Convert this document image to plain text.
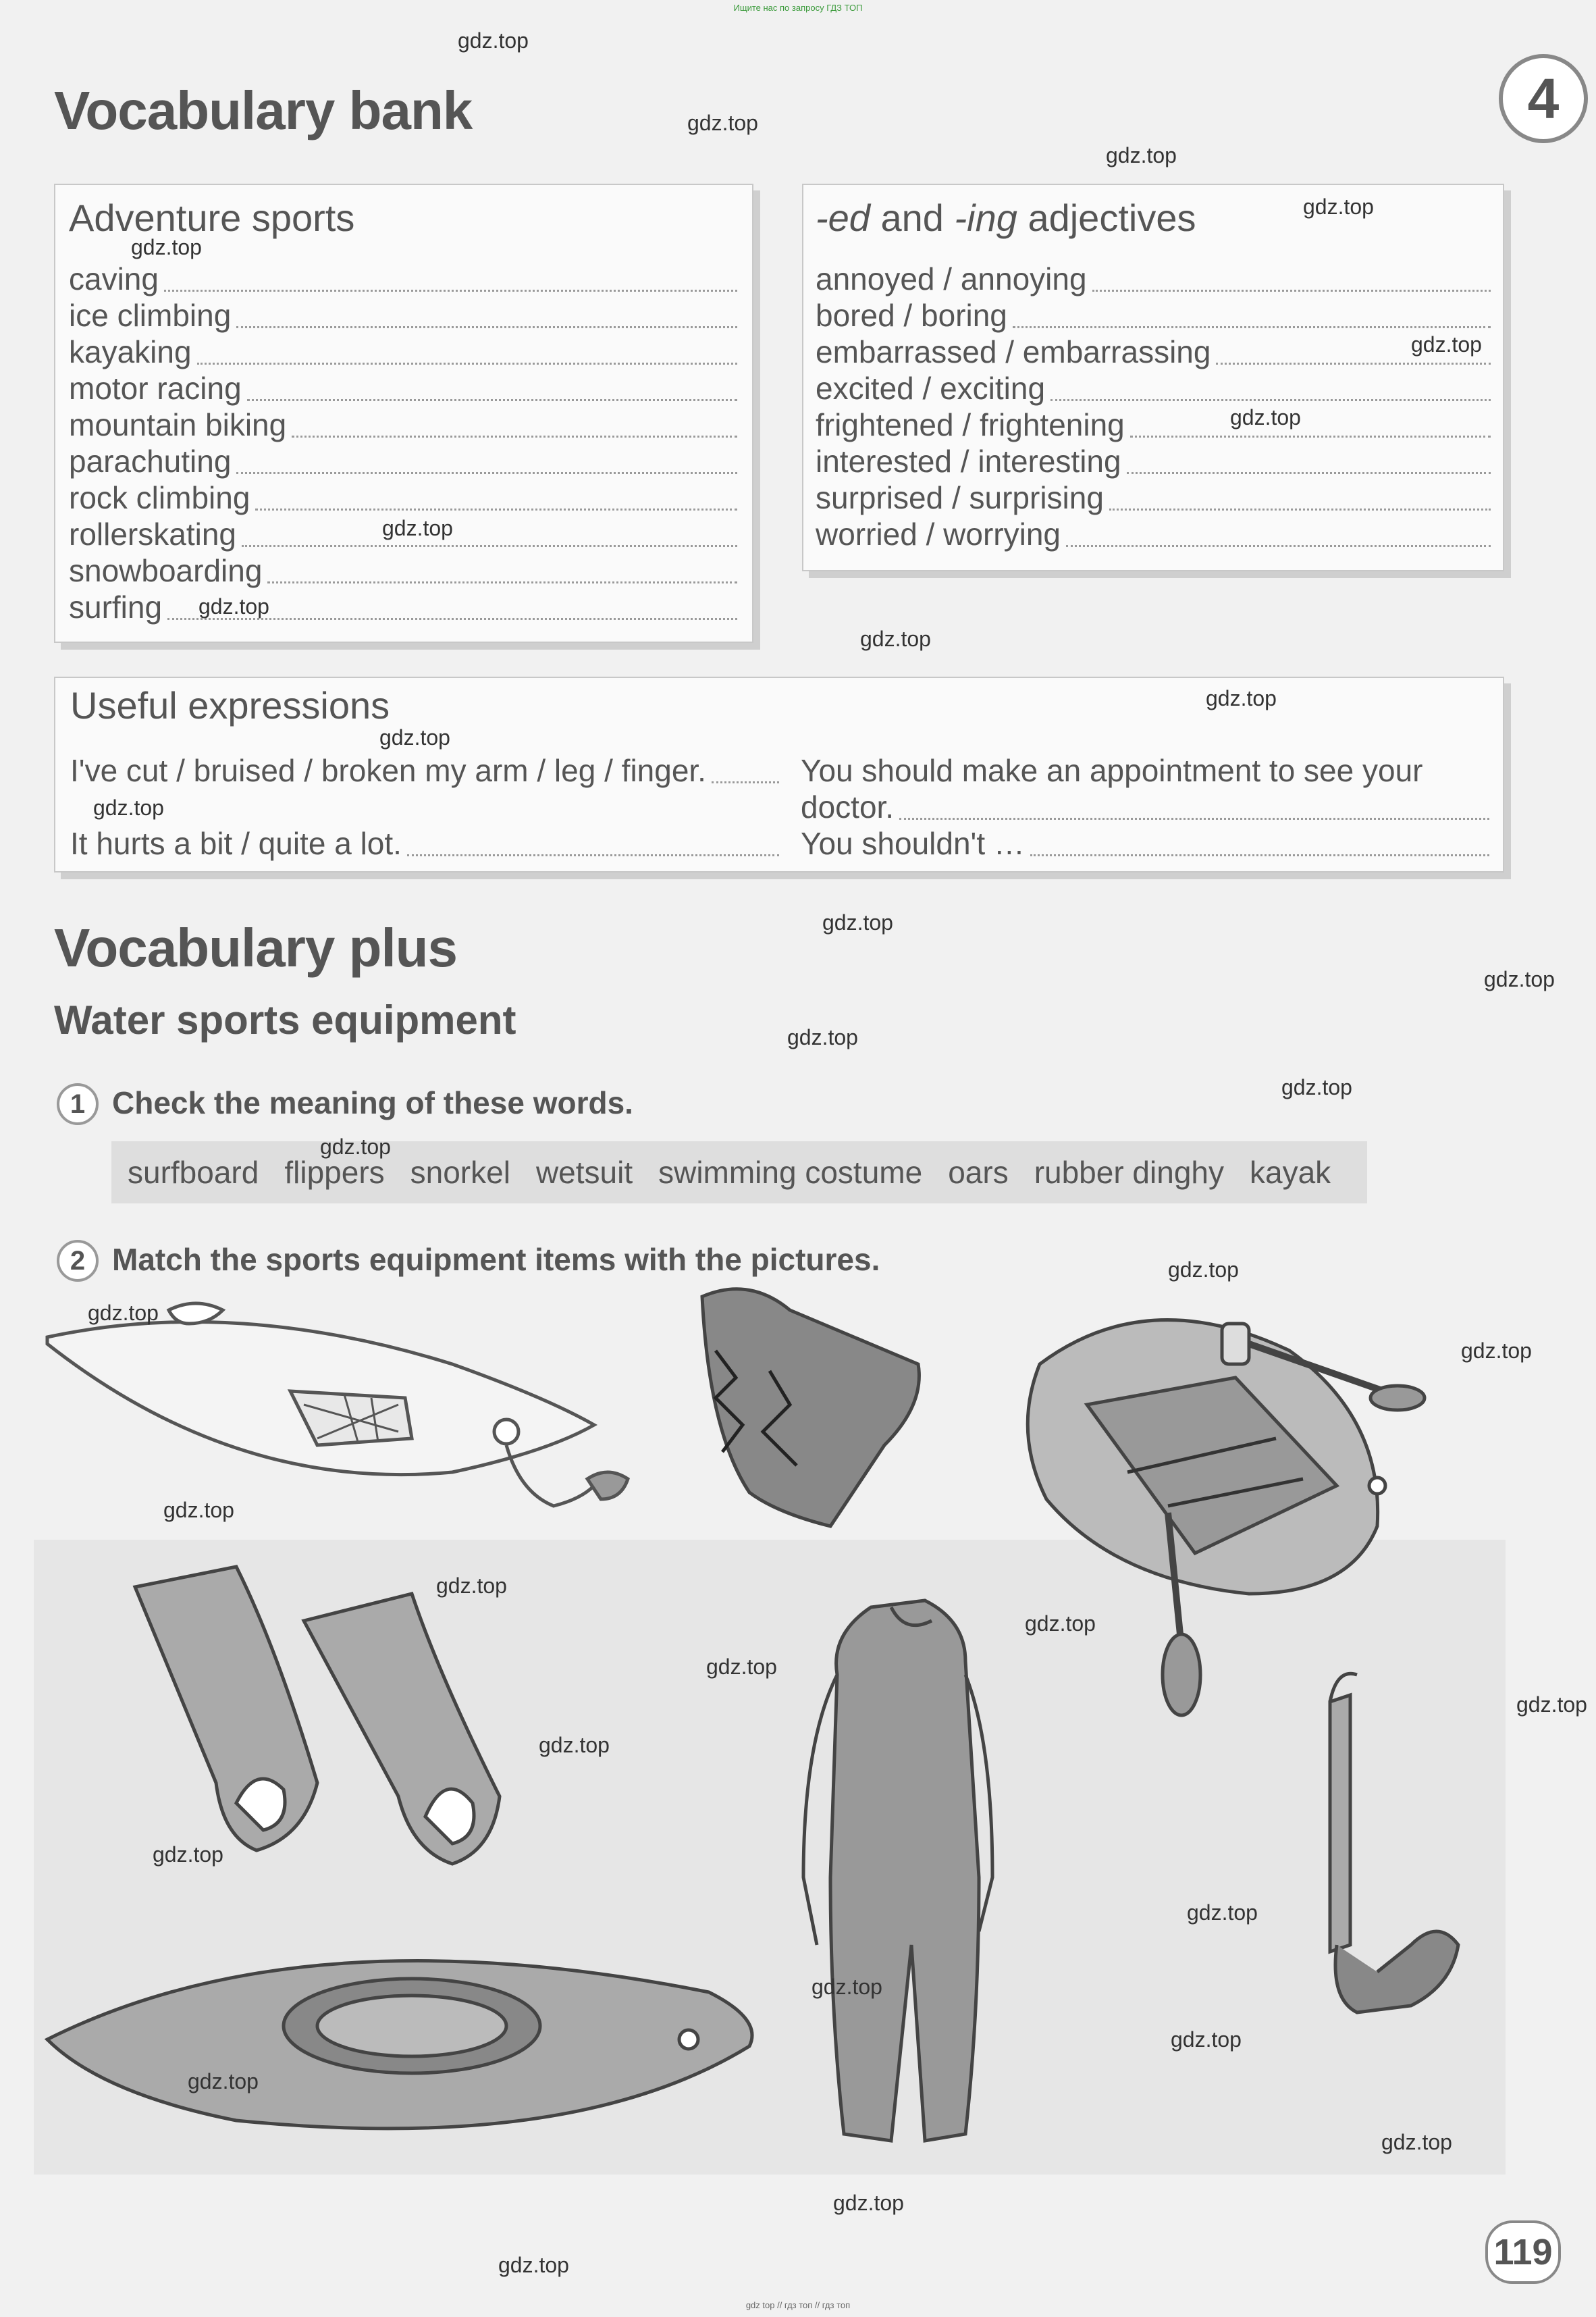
Ищите нас по запросу ГДЗ ТОП
gdz top // гдз топ // гдз топ
4
Vocabulary bank
Adventure sports
caving
ice climbing
kayaking
motor racing
mountain biking
parachuting
rock climbing
rollerskating
snowboarding
surfing
-ed and -ing adjectives
annoyed / annoying
bored / boring
embarrassed / embarrassing
excited / exciting
frightened / frightening
interested / interesting
surprised / surprising
worried / worrying
Useful expressions
I've cut / bruised / broken my arm / leg / finger.
It hurts a bit / quite a lot.
You should make an appointment to see your
doctor.
You shouldn't …
Vocabulary plus
Water sports equipment
1 Check the meaning of these words.
surfboard flippers snorkel wetsuit swimming costume oars rubber dinghy kayak
2 Match the sports equipment items with the pictures.
gdz.top
gdz.top
gdz.top
gdz.top
gdz.top
gdz.top
gdz.top
gdz.top
gdz.top
gdz.top
gdz.top
gdz.top
gdz.top
gdz.top
gdz.top
gdz.top
gdz.top
gdz.top
gdz.top
gdz.top
gdz.top
gdz.top
gdz.top
gdz.top
gdz.top
gdz.top
gdz.top
gdz.top
gdz.top
gdz.top
gdz.top
gdz.top
gdz.top
gdz.top
gdz.top	119
